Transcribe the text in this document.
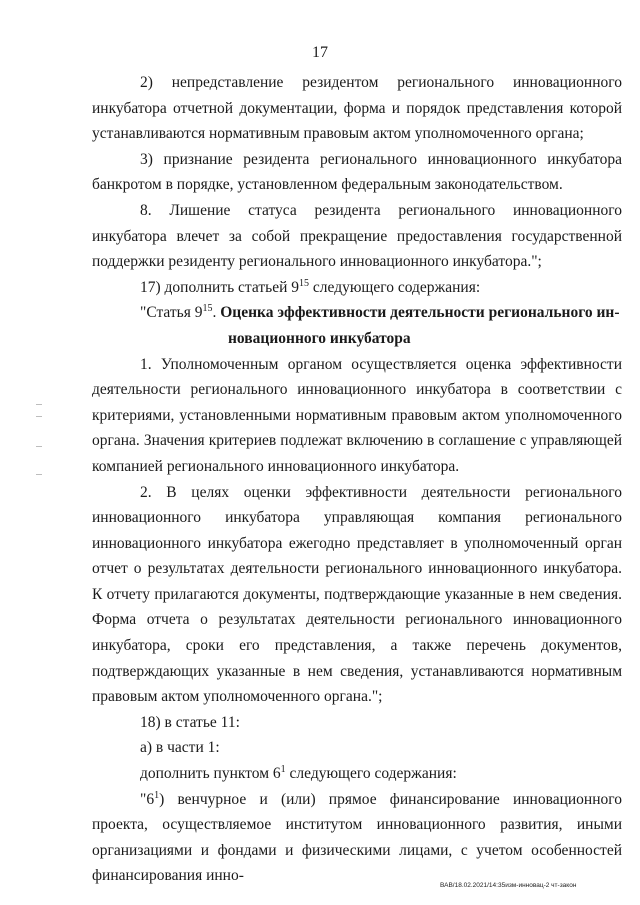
17

2) непредставление резидентом регионального инновационного инкубатора отчетной документации, форма и порядок представления которой устанавливаются нормативным правовым актом уполномоченного органа;

3) признание резидента регионального инновационного инкубатора банкротом в порядке, установленном федеральным законодательством.

8. Лишение статуса резидента регионального инновационного инкубатора влечет за собой прекращение предоставления государственной поддержки резиденту регионального инновационного инкубатора.";

17) дополнить статьей $9^{15}$ следующего содержания:

"Статья $9^{15}$. Оценка эффективности деятельности регионального ин-

новационного инкубатора

1. Уполномоченным органом осуществляется оценка эффективности деятельности регионального инновационного инкубатора в соответствии с критериями, установленными нормативным правовым актом уполномоченного органа. Значения критериев подлежат включению в соглашение с управляющей компанией регионального инновационного инкубатора.

2. В целях оценки эффективности деятельности регионального инновационного инкубатора управляющая компания регионального инновационного инкубатора ежегодно представляет в уполномоченный орган отчет о результатах деятельности регионального инновационного инкубатора. К отчету прилагаются документы, подтверждающие указанные в нем сведения. Форма отчета о результатах деятельности регионального инновационного инкубатора, сроки его представления, а также перечень документов, подтверждающих указанные в нем сведения, устанавливаются нормативным правовым актом уполномоченного органа.";

18) в статье 11:

а) в части 1:

дополнить пунктом $6^1$ следующего содержания:

"$6^1$) венчурное и (или) прямое финансирование инновационного проекта, осуществляемое институтом инновационного развития, иными организациями и фондами и физическими лицами, с учетом особенностей финансирования инно-

ВАВ/18.02.2021/14:35изм-инновац-2 чт-закон
